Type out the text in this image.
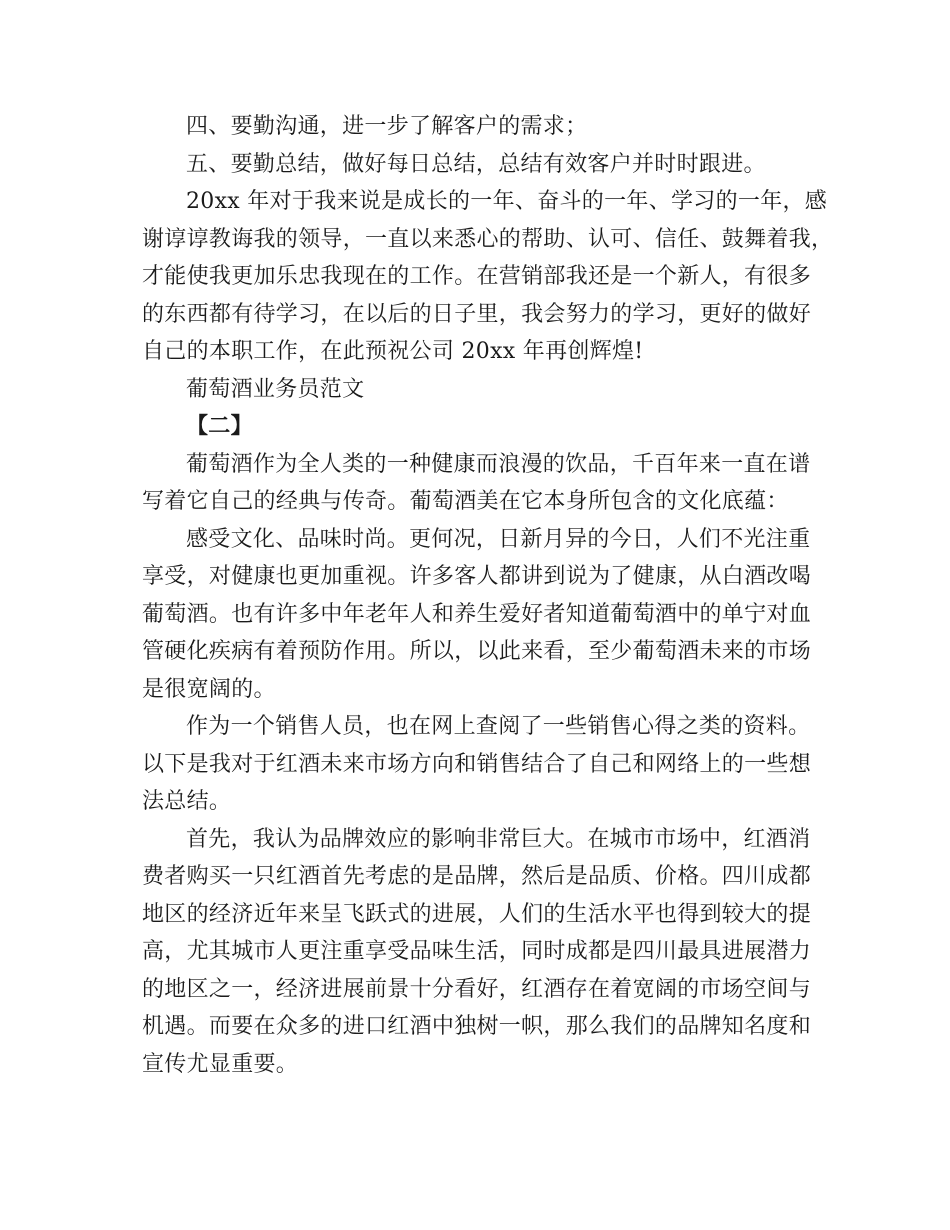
四、要勤沟通，进一步了解客户的需求；
五、要勤总结，做好每日总结，总结有效客户并时时跟进。
20xx 年对于我来说是成长的一年、奋斗的一年、学习的一年，感
谢谆谆教诲我的领导，一直以来悉心的帮助、认可、信任、鼓舞着我，
才能使我更加乐忠我现在的工作。在营销部我还是一个新人，有很多
的东西都有待学习，在以后的日子里，我会努力的学习，更好的做好
自己的本职工作，在此预祝公司 20xx 年再创辉煌!
葡萄酒业务员范文
【二】
葡萄酒作为全人类的一种健康而浪漫的饮品，千百年来一直在谱
写着它自己的经典与传奇。葡萄酒美在它本身所包含的文化底蕴：
感受文化、品味时尚。更何况，日新月异的今日，人们不光注重
享受，对健康也更加重视。许多客人都讲到说为了健康，从白酒改喝
葡萄酒。也有许多中年老年人和养生爱好者知道葡萄酒中的单宁对血
管硬化疾病有着预防作用。所以，以此来看，至少葡萄酒未来的市场
是很宽阔的。
作为一个销售人员，也在网上查阅了一些销售心得之类的资料。
以下是我对于红酒未来市场方向和销售结合了自己和网络上的一些想
法总结。
首先，我认为品牌效应的影响非常巨大。在城市市场中，红酒消
费者购买一只红酒首先考虑的是品牌，然后是品质、价格。四川成都
地区的经济近年来呈飞跃式的进展，人们的生活水平也得到较大的提
高，尤其城市人更注重享受品味生活，同时成都是四川最具进展潜力
的地区之一，经济进展前景十分看好，红酒存在着宽阔的市场空间与
机遇。而要在众多的进口红酒中独树一帜，那么我们的品牌知名度和
宣传尤显重要。
